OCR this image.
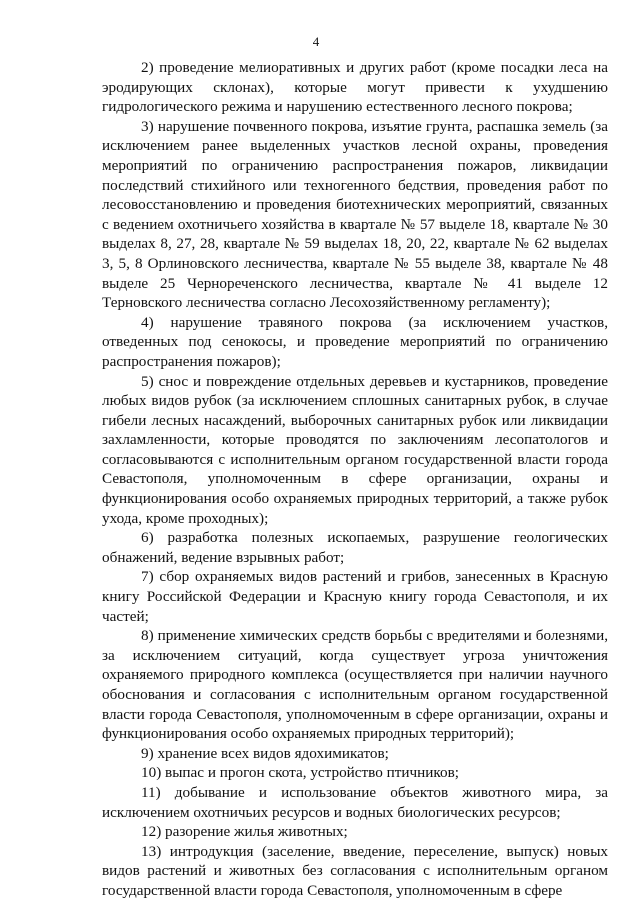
4

2) проведение мелиоративных и других работ (кроме посадки леса на эродирующих склонах), которые могут привести к ухудшению гидрологического режима и нарушению естественного лесного покрова;

3) нарушение почвенного покрова, изъятие грунта, распашка земель (за исключением ранее выделенных участков лесной охраны, проведения мероприятий по ограничению распространения пожаров, ликвидации последствий стихийного или техногенного бедствия, проведения работ по лесовосстановлению и проведения биотехнических мероприятий, связанных с ведением охотничьего хозяйства в квартале № 57 выделе 18, квартале № 30 выделах 8, 27, 28, квартале № 59 выделах 18, 20, 22, квартале № 62 выделах 3, 5, 8 Орлиновского лесничества, квартале № 55 выделе 38, квартале № 48 выделе 25 Чернореченского лесничества, квартале № 41 выделе 12 Терновского лесничества согласно Лесохозяйственному регламенту);

4) нарушение травяного покрова (за исключением участков, отведенных под сенокосы, и проведение мероприятий по ограничению распространения пожаров);

5) снос и повреждение отдельных деревьев и кустарников, проведение любых видов рубок (за исключением сплошных санитарных рубок, в случае гибели лесных насаждений, выборочных санитарных рубок или ликвидации захламленности, которые проводятся по заключениям лесопатологов и согласовываются с исполнительным органом государственной власти города Севастополя, уполномоченным в сфере организации, охраны и функционирования особо охраняемых природных территорий, а также рубок ухода, кроме проходных);

6) разработка полезных ископаемых, разрушение геологических обнажений, ведение взрывных работ;

7) сбор охраняемых видов растений и грибов, занесенных в Красную книгу Российской Федерации и Красную книгу города Севастополя, и их частей;

8) применение химических средств борьбы с вредителями и болезнями, за исключением ситуаций, когда существует угроза уничтожения охраняемого природного комплекса (осуществляется при наличии научного обоснования и согласования с исполнительным органом государственной власти города Севастополя, уполномоченным в сфере организации, охраны и функционирования особо охраняемых природных территорий);

9) хранение всех видов ядохимикатов;

10) выпас и прогон скота, устройство птичников;

11) добывание и использование объектов животного мира, за исключением охотничьих ресурсов и водных биологических ресурсов;

12) разорение жилья животных;

13) интродукция (заселение, введение, переселение, выпуск) новых видов растений и животных без согласования с исполнительным органом государственной власти города Севастополя, уполномоченным в сфере
